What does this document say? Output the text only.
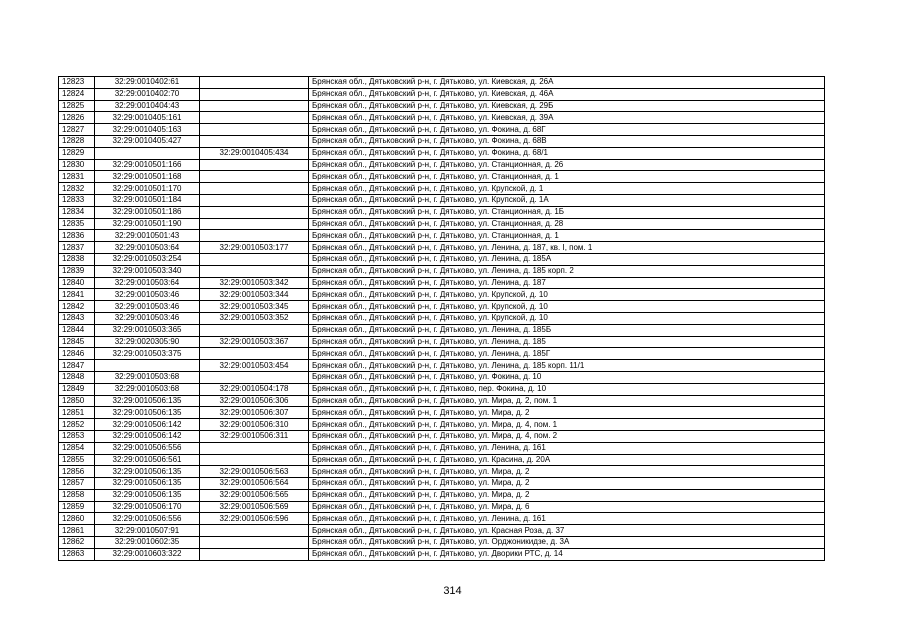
12823	32:29:0010402:61		Брянская обл., Дятьковский р-н, г. Дятьково, ул. Киевская, д. 26А
12824	32:29:0010402:70		Брянская обл., Дятьковский р-н, г. Дятьково, ул. Киевская, д. 46А
12825	32:29:0010404:43		Брянская обл., Дятьковский р-н, г. Дятьково, ул. Киевская, д. 29Б
12826	32:29:0010405:161		Брянская обл., Дятьковский р-н, г. Дятьково, ул. Киевская, д. 39А
12827	32:29:0010405:163		Брянская обл., Дятьковский р-н, г. Дятьково, ул. Фокина, д. 68Г
12828	32:29:0010405:427		Брянская обл., Дятьковский р-н, г. Дятьково, ул. Фокина, д. 68В
12829		32:29:0010405:434	Брянская обл., Дятьковский р-н, г. Дятьково, ул. Фокина, д. 68/1
12830	32:29:0010501:166		Брянская обл., Дятьковский р-н, г. Дятьково, ул. Станционная, д. 26
12831	32:29:0010501:168		Брянская обл., Дятьковский р-н, г. Дятьково, ул. Станционная, д. 1
12832	32:29:0010501:170		Брянская обл., Дятьковский р-н, г. Дятьково, ул. Крупской, д. 1
12833	32:29:0010501:184		Брянская обл., Дятьковский р-н, г. Дятьково, ул. Крупской, д. 1А
12834	32:29:0010501:186		Брянская обл., Дятьковский р-н, г. Дятьково, ул. Станционная, д. 1Б
12835	32:29:0010501:190		Брянская обл., Дятьковский р-н, г. Дятьково, ул. Станционная, д. 28
12836	32:29:0010501:43		Брянская обл., Дятьковский р-н, г. Дятьково, ул. Станционная, д. 1
12837	32:29:0010503:64	32:29:0010503:177	Брянская обл., Дятьковский р-н, г. Дятьково, ул. Ленина, д. 187, кв. I, пом. 1
12838	32:29:0010503:254		Брянская обл., Дятьковский р-н, г. Дятьково, ул. Ленина, д. 185А
12839	32:29:0010503:340		Брянская обл., Дятьковский р-н, г. Дятьково, ул. Ленина, д. 185 корп. 2
12840	32:29:0010503:64	32:29:0010503:342	Брянская обл., Дятьковский р-н, г. Дятьково, ул. Ленина, д. 187
12841	32:29:0010503:46	32:29:0010503:344	Брянская обл., Дятьковский р-н, г. Дятьково, ул. Крупской, д. 10
12842	32:29:0010503:46	32:29:0010503:345	Брянская обл., Дятьковский р-н, г. Дятьково, ул. Крупской, д. 10
12843	32:29:0010503:46	32:29:0010503:352	Брянская обл., Дятьковский р-н, г. Дятьково, ул. Крупской, д. 10
12844	32:29:0010503:365		Брянская обл., Дятьковский р-н, г. Дятьково, ул. Ленина, д. 185Б
12845	32:29:0020305:90	32:29:0010503:367	Брянская обл., Дятьковский р-н, г. Дятьково, ул. Ленина, д. 185
12846	32:29:0010503:375		Брянская обл., Дятьковский р-н, г. Дятьково, ул. Ленина, д. 185Г
12847		32:29:0010503:454	Брянская обл., Дятьковский р-н, г. Дятьково, ул. Ленина, д. 185 корп. 11/1
12848	32:29:0010503:68		Брянская обл., Дятьковский р-н, г. Дятьково, ул. Фокина, д. 10
12849	32:29:0010503:68	32:29:0010504:178	Брянская обл., Дятьковский р-н, г. Дятьково, пер. Фокина, д. 10
12850	32:29:0010506:135	32:29:0010506:306	Брянская обл., Дятьковский р-н, г. Дятьково, ул. Мира, д. 2, пом. 1
12851	32:29:0010506:135	32:29:0010506:307	Брянская обл., Дятьковский р-н, г. Дятьково, ул. Мира, д. 2
12852	32:29:0010506:142	32:29:0010506:310	Брянская обл., Дятьковский р-н, г. Дятьково, ул. Мира, д. 4, пом. 1
12853	32:29:0010506:142	32:29:0010506:311	Брянская обл., Дятьковский р-н, г. Дятьково, ул. Мира, д. 4, пом. 2
12854	32:29:0010506:556		Брянская обл., Дятьковский р-н, г. Дятьково, ул. Ленина, д. 161
12855	32:29:0010506:561		Брянская обл., Дятьковский р-н, г. Дятьково, ул. Красина, д. 20А
12856	32:29:0010506:135	32:29:0010506:563	Брянская обл., Дятьковский р-н, г. Дятьково, ул. Мира, д. 2
12857	32:29:0010506:135	32:29:0010506:564	Брянская обл., Дятьковский р-н, г. Дятьково, ул. Мира, д. 2
12858	32:29:0010506:135	32:29:0010506:565	Брянская обл., Дятьковский р-н, г. Дятьково, ул. Мира, д. 2
12859	32:29:0010506:170	32:29:0010506:569	Брянская обл., Дятьковский р-н, г. Дятьково, ул. Мира, д. 6
12860	32:29:0010506:556	32:29:0010506:596	Брянская обл., Дятьковский р-н, г. Дятьково, ул. Ленина, д. 161
12861	32:29:0010507:91		Брянская обл., Дятьковский р-н, г. Дятьково, ул. Красная Роза, д. 37
12862	32:29:0010602:35		Брянская обл., Дятьковский р-н, г. Дятьково, ул. Орджоникидзе, д. 3А
12863	32:29:0010603:322		Брянская обл., Дятьковский р-н, г. Дятьково, ул. Дворики РТС, д. 14
314
